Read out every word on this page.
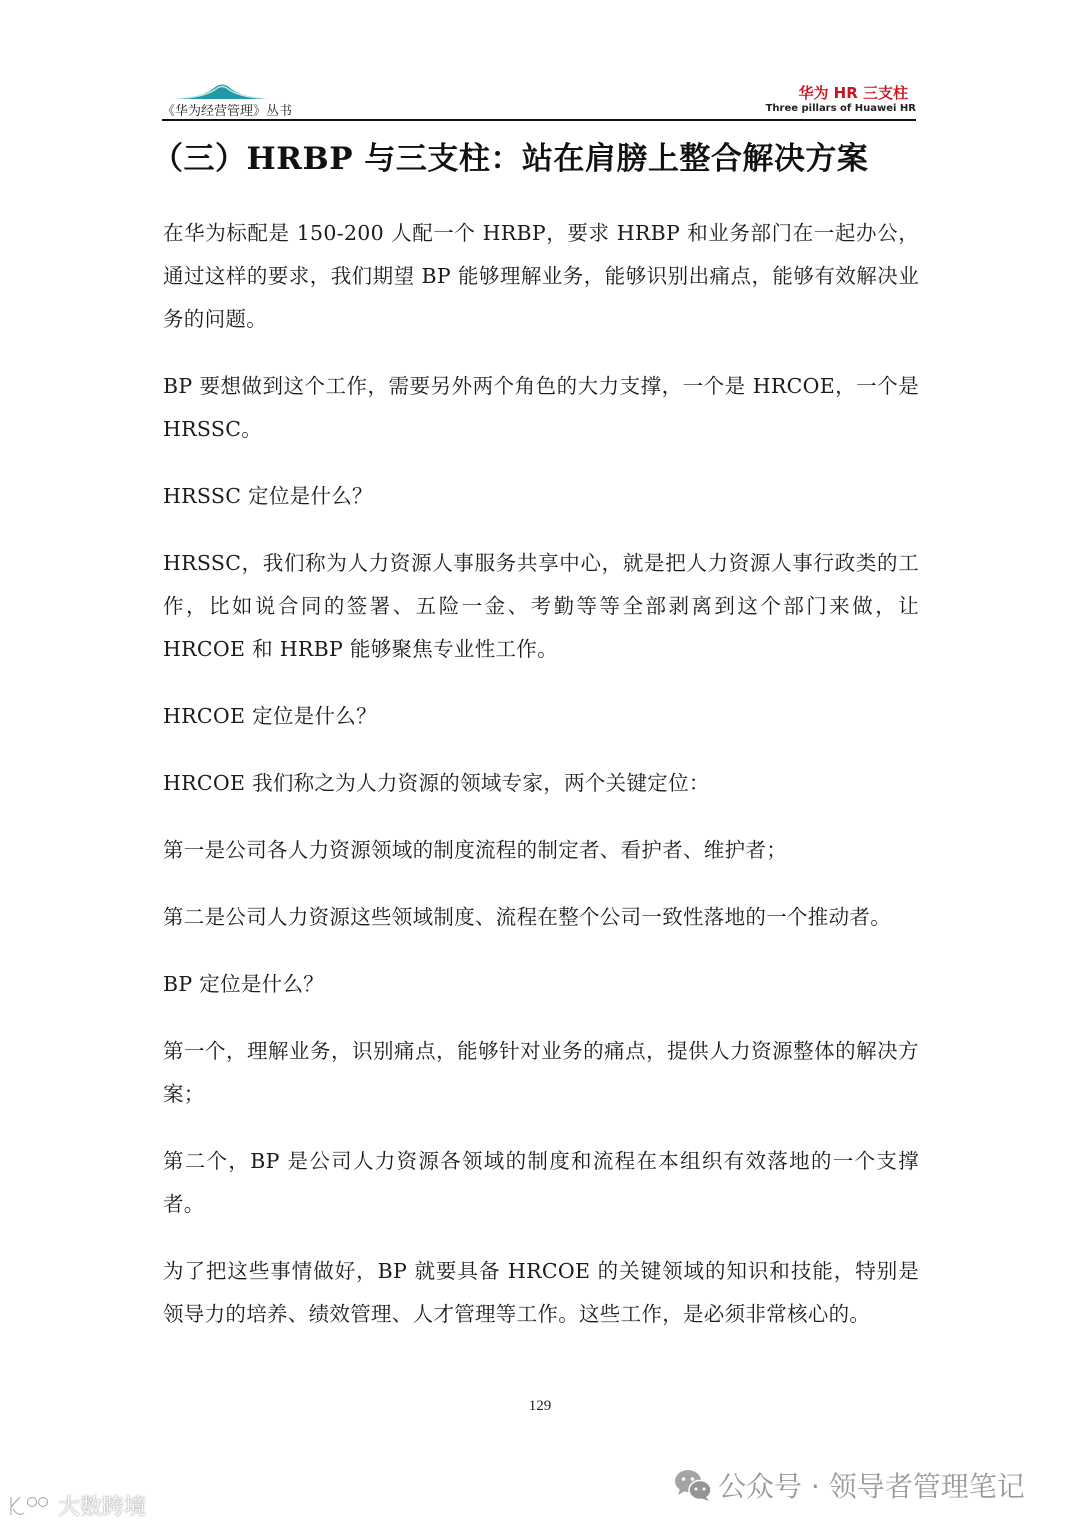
《华为经营管理》丛书
华为 HR 三支柱
Three pillars of Huawei HR
（三）HRBP 与三支柱：站在肩膀上整合解决方案

在华为标配是 150-200 人配一个 HRBP，要求 HRBP 和业务部门在一起办公，通过这样的要求，我们期望 BP 能够理解业务，能够识别出痛点，能够有效解决业务的问题。

BP 要想做到这个工作，需要另外两个角色的大力支撑，一个是 HRCOE，一个是 HRSSC。

HRSSC 定位是什么？

HRSSC，我们称为人力资源人事服务共享中心，就是把人力资源人事行政类的工作，比如说合同的签署、五险一金、考勤等等全部剥离到这个部门来做，让 HRCOE 和 HRBP 能够聚焦专业性工作。

HRCOE 定位是什么？

HRCOE 我们称之为人力资源的领域专家，两个关键定位：

第一是公司各人力资源领域的制度流程的制定者、看护者、维护者；

第二是公司人力资源这些领域制度、流程在整个公司一致性落地的一个推动者。

BP 定位是什么？

第一个，理解业务，识别痛点，能够针对业务的痛点，提供人力资源整体的解决方案；

第二个，BP 是公司人力资源各领域的制度和流程在本组织有效落地的一个支撑者。

为了把这些事情做好，BP 就要具备 HRCOE 的关键领域的知识和技能，特别是领导力的培养、绩效管理、人才管理等工作。这些工作，是必须非常核心的。

129
公众号 · 领导者管理笔记
大数跨境
